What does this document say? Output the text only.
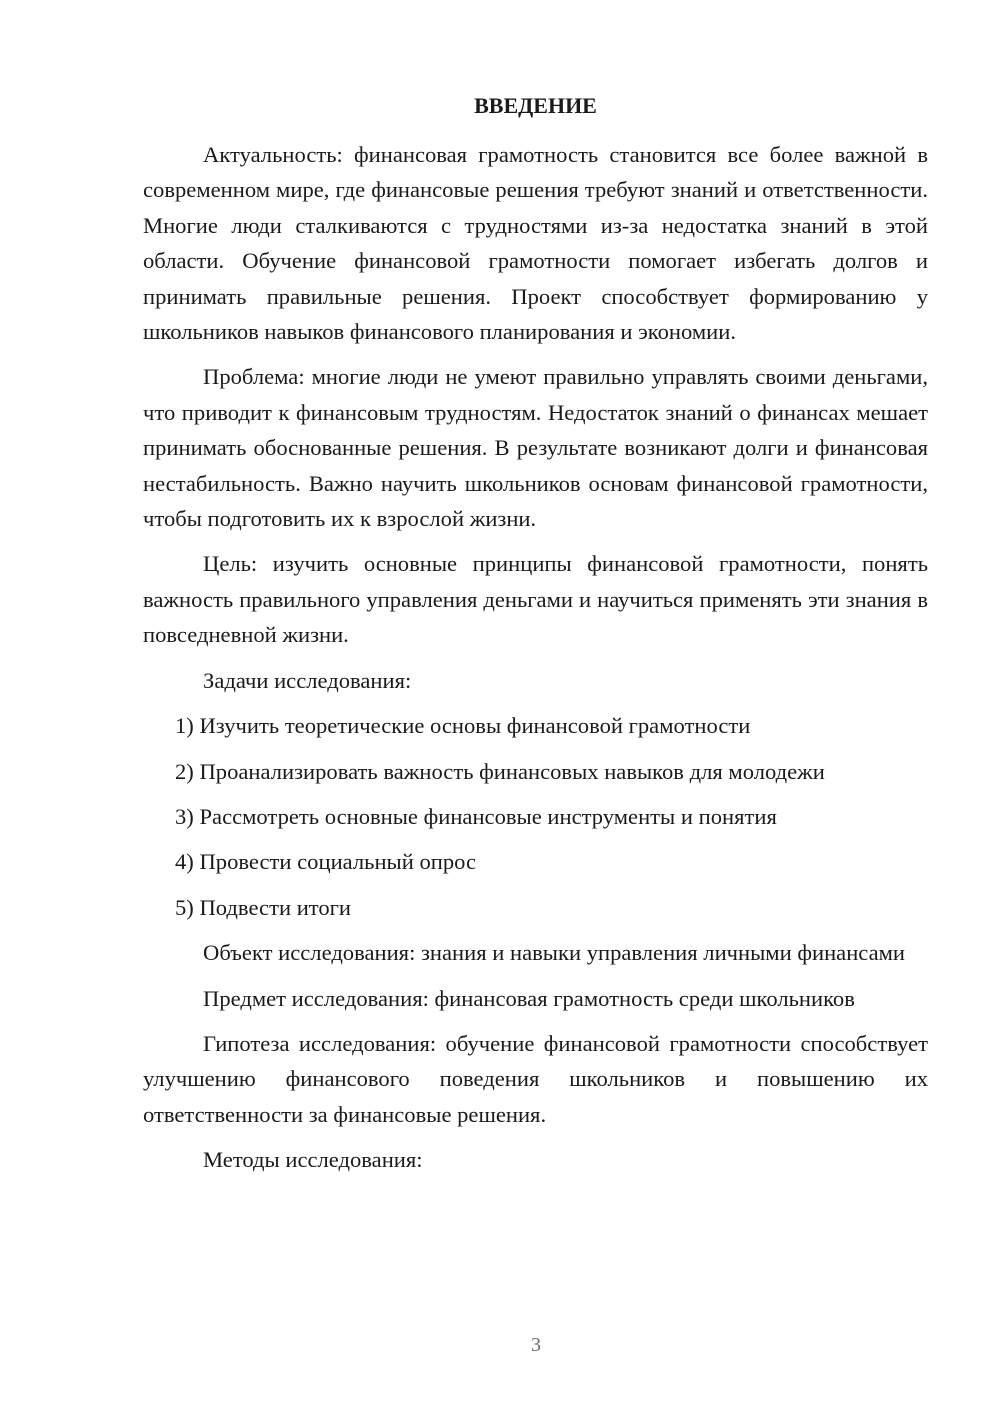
ВВЕДЕНИЕ

Актуальность: финансовая грамотность становится все более важной в современном мире, где финансовые решения требуют знаний и ответственности. Многие люди сталкиваются с трудностями из-за недостатка знаний в этой области. Обучение финансовой грамотности помогает избегать долгов и принимать правильные решения. Проект способствует формированию у школьников навыков финансового планирования и экономии.

Проблема: многие люди не умеют правильно управлять своими деньгами, что приводит к финансовым трудностям. Недостаток знаний о финансах мешает принимать обоснованные решения. В результате возникают долги и финансовая нестабильность. Важно научить школьников основам финансовой грамотности, чтобы подготовить их к взрослой жизни.

Цель: изучить основные принципы финансовой грамотности, понять важность правильного управления деньгами и научиться применять эти знания в повседневной жизни.

Задачи исследования:

1) Изучить теоретические основы финансовой грамотности

2) Проанализировать важность финансовых навыков для молодежи

3) Рассмотреть основные финансовые инструменты и понятия

4) Провести социальный опрос

5) Подвести итоги

Объект исследования: знания и навыки управления личными финансами

Предмет исследования: финансовая грамотность среди школьников

Гипотеза исследования: обучение финансовой грамотности способствует улучшению финансового поведения школьников и повышению их ответственности за финансовые решения.

Методы исследования:

3
